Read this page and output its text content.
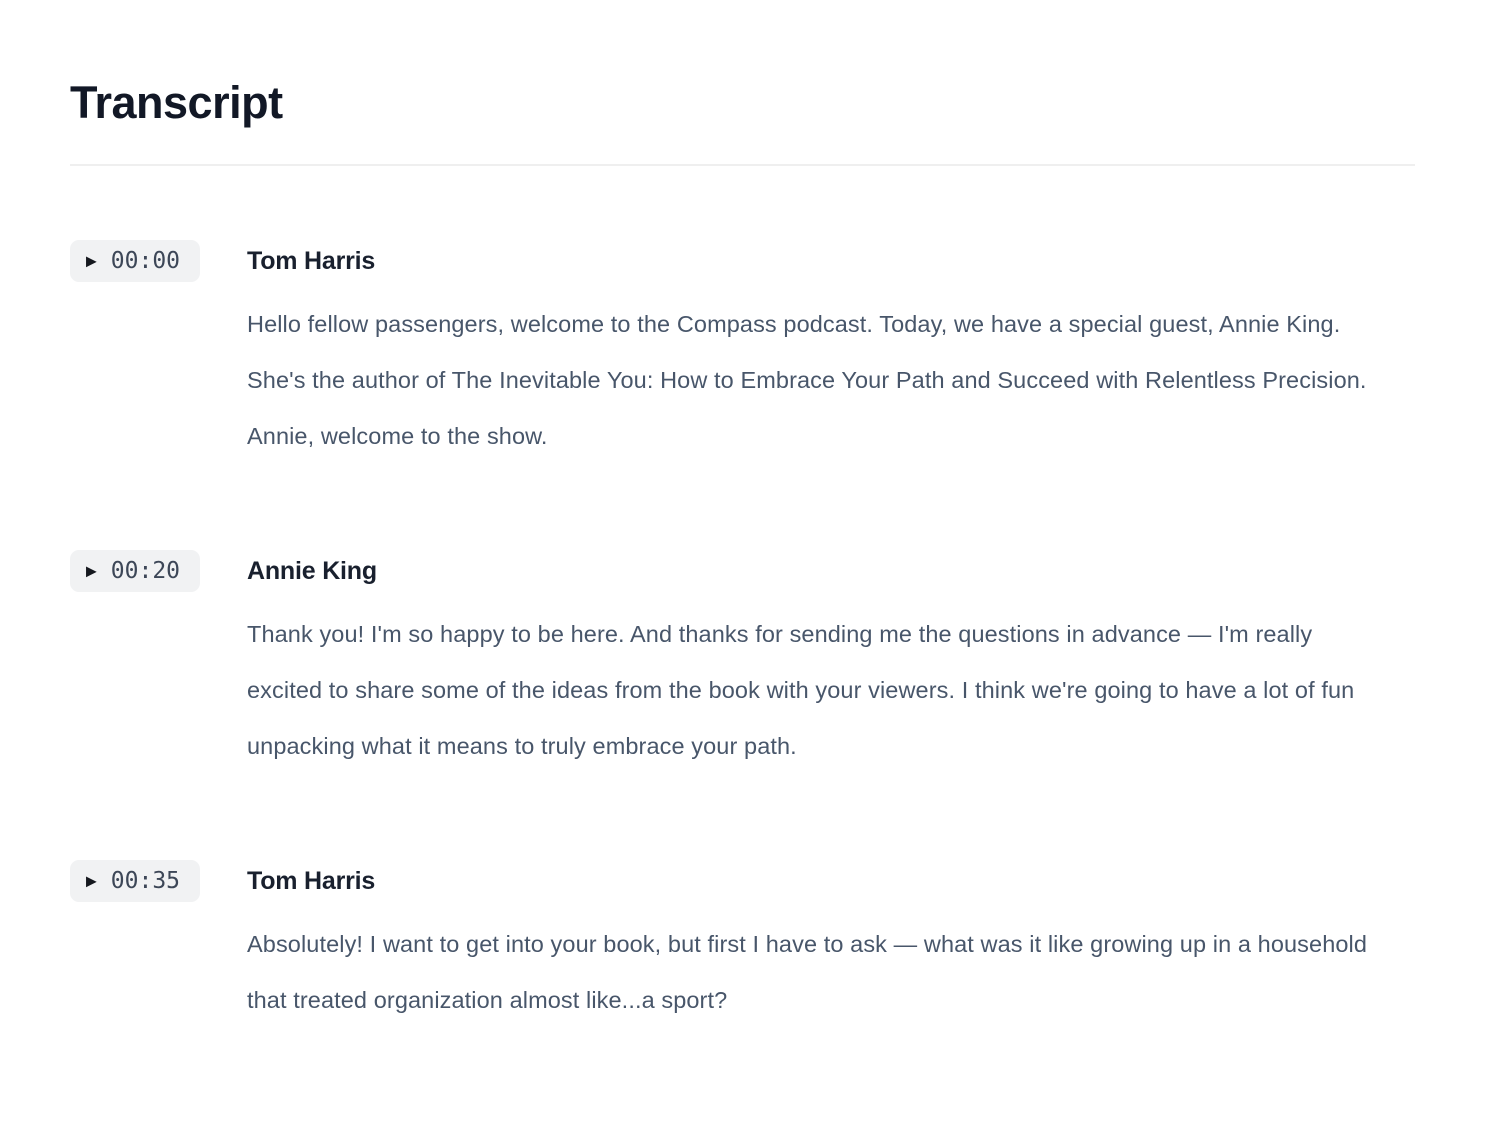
Transcript
▶ 00:00	Tom Harris

Hello fellow passengers, welcome to the Compass podcast. Today, we have a special guest, Annie King. She's the author of The Inevitable You: How to Embrace Your Path and Succeed with Relentless Precision. Annie, welcome to the show.

▶ 00:20	Annie King

Thank you! I'm so happy to be here. And thanks for sending me the questions in advance — I'm really excited to share some of the ideas from the book with your viewers. I think we're going to have a lot of fun unpacking what it means to truly embrace your path.

▶ 00:35	Tom Harris

Absolutely! I want to get into your book, but first I have to ask — what was it like growing up in a household that treated organization almost like...a sport?
